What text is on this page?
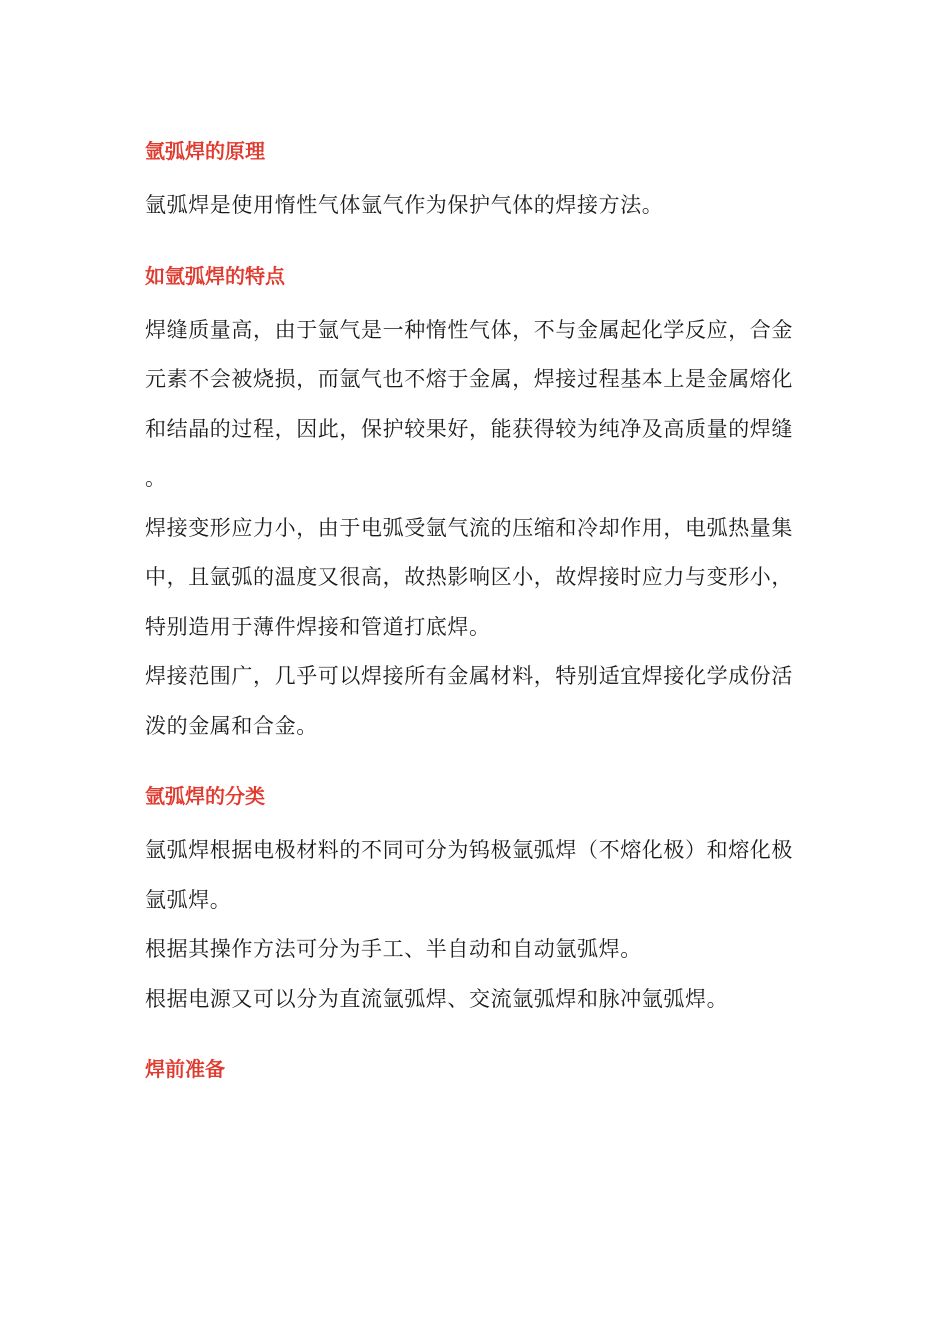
氩弧焊的原理

氩弧焊是使用惰性气体氩气作为保护气体的焊接方法。

如氩弧焊的特点

焊缝质量高，由于氩气是一种惰性气体，不与金属起化学反应，合金元素不会被烧损，而氩气也不熔于金属，焊接过程基本上是金属熔化和结晶的过程，因此，保护较果好，能获得较为纯净及高质量的焊缝 。

焊接变形应力小，由于电弧受氩气流的压缩和冷却作用，电弧热量集中，且氩弧的温度又很高，故热影响区小，故焊接时应力与变形小，特别造用于薄件焊接和管道打底焊。

焊接范围广，几乎可以焊接所有金属材料，特别适宜焊接化学成份活泼的金属和合金。

氩弧焊的分类

氩弧焊根据电极材料的不同可分为钨极氩弧焊（不熔化极）和熔化极氩弧焊。

根据其操作方法可分为手工、半自动和自动氩弧焊。

根据电源又可以分为直流氩弧焊、交流氩弧焊和脉冲氩弧焊。

焊前准备
